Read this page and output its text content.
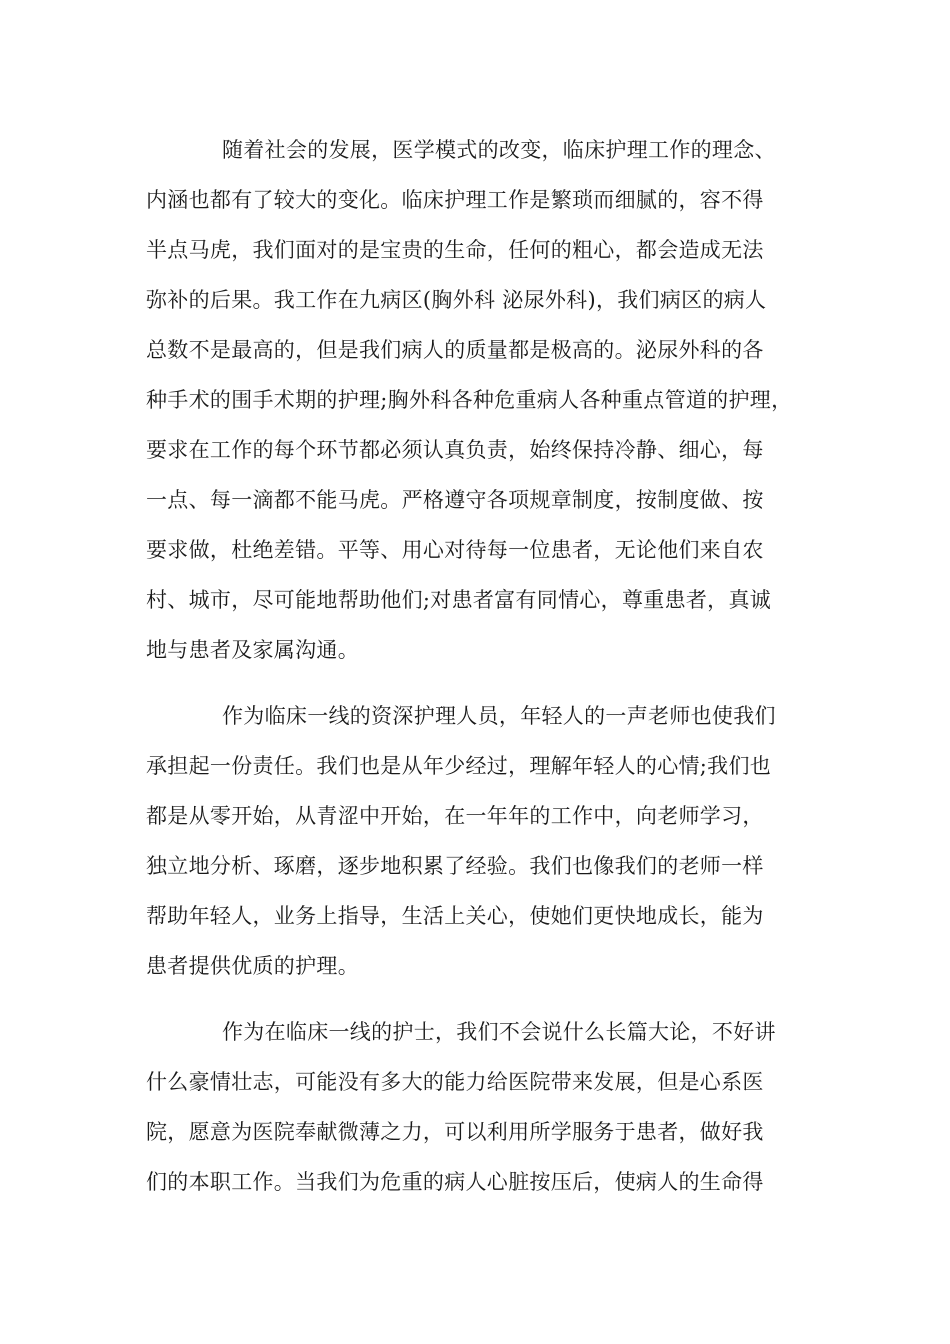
随着社会的发展，医学模式的改变，临床护理工作的理念、
内涵也都有了较大的变化。临床护理工作是繁琐而细腻的，容不得
半点马虎，我们面对的是宝贵的生命，任何的粗心，都会造成无法
弥补的后果。我工作在九病区(胸外科 泌尿外科)，我们病区的病人
总数不是最高的，但是我们病人的质量都是极高的。泌尿外科的各
种手术的围手术期的护理;胸外科各种危重病人各种重点管道的护理，
要求在工作的每个环节都必须认真负责，始终保持冷静、细心，每
一点、每一滴都不能马虎。严格遵守各项规章制度，按制度做、按
要求做，杜绝差错。平等、用心对待每一位患者，无论他们来自农
村、城市，尽可能地帮助他们;对患者富有同情心，尊重患者，真诚
地与患者及家属沟通。
作为临床一线的资深护理人员，年轻人的一声老师也使我们
承担起一份责任。我们也是从年少经过，理解年轻人的心情;我们也
都是从零开始，从青涩中开始，在一年年的工作中，向老师学习，
独立地分析、琢磨，逐步地积累了经验。我们也像我们的老师一样
帮助年轻人，业务上指导，生活上关心，使她们更快地成长，能为
患者提供优质的护理。
作为在临床一线的护士，我们不会说什么长篇大论，不好讲
什么豪情壮志，可能没有多大的能力给医院带来发展，但是心系医
院，愿意为医院奉献微薄之力，可以利用所学服务于患者，做好我
们的本职工作。当我们为危重的病人心脏按压后，使病人的生命得
